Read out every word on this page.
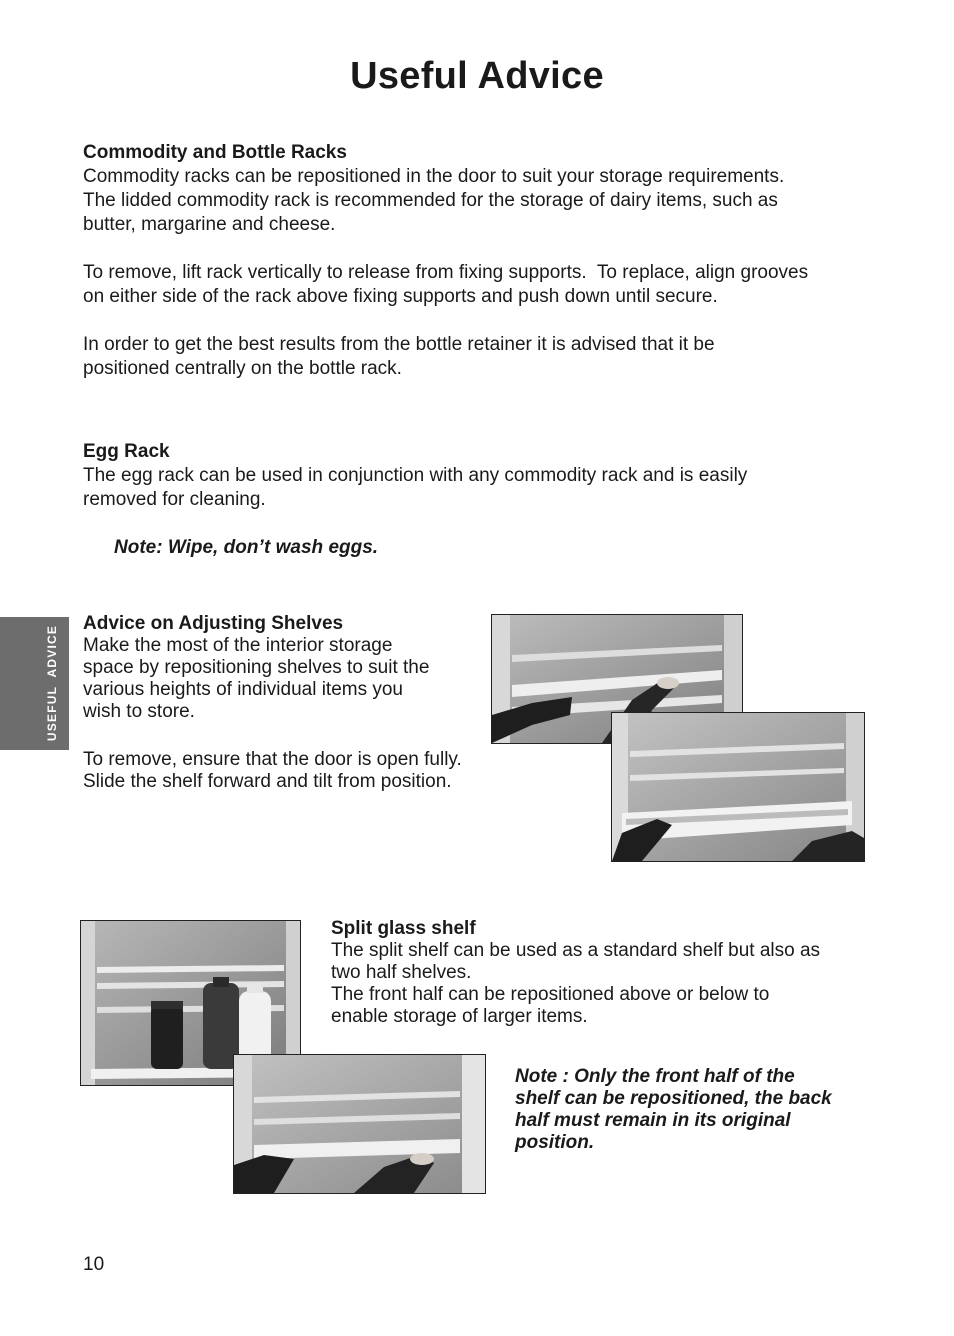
Useful Advice

Commodity and Bottle Racks

Commodity racks can be repositioned in the door to suit your storage requirements.

The lidded commodity rack is recommended for the storage of dairy items, such as

butter, margarine and cheese.

To remove, lift rack vertically to release from fixing supports.  To replace, align grooves

on either side of the rack above fixing supports and push down until secure.

In order to get the best results from the bottle retainer it is advised that it be

positioned centrally on the bottle rack.

Egg Rack

The egg rack can be used in conjunction with any commodity rack and is easily

removed for cleaning.

Note: Wipe, don’t wash eggs.

USEFUL  ADVICE

Advice on Adjusting Shelves

Make the most of the interior storage

space by repositioning shelves to suit the

various heights of individual items you

wish to store.

To remove, ensure that the door is open fully.

Slide the shelf forward and tilt from position.

Split glass shelf

The split shelf can be used as a standard shelf but also as

two half shelves.

The front half can be repositioned above or below to

enable storage of larger items.

Note : Only the front half of the

shelf can be repositioned, the back

half must remain in its original

position.

10
